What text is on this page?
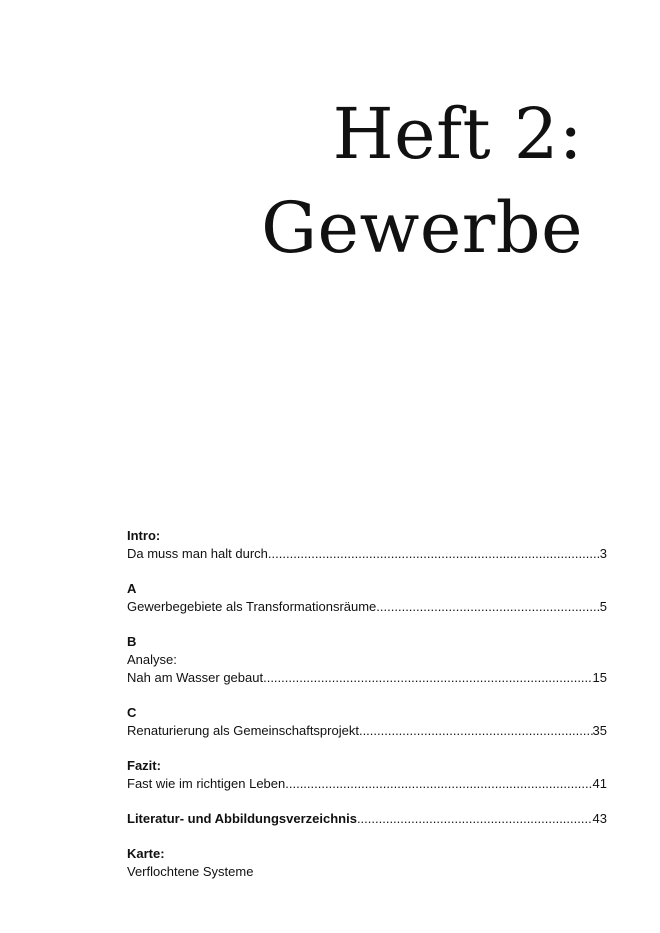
Heft 2:
Gewerbe
Intro:
Da muss man halt durch .....	3
A
Gewerbegebiete als Transformationsräume .....	5
B
Analyse:
Nah am Wasser gebaut .....	15
C
Renaturierung als Gemeinschaftsprojekt .....	35
Fazit:
Fast wie im richtigen Leben .....	41
Literatur- und Abbildungsverzeichnis .....	43
Karte:
Verflochtene Systeme
